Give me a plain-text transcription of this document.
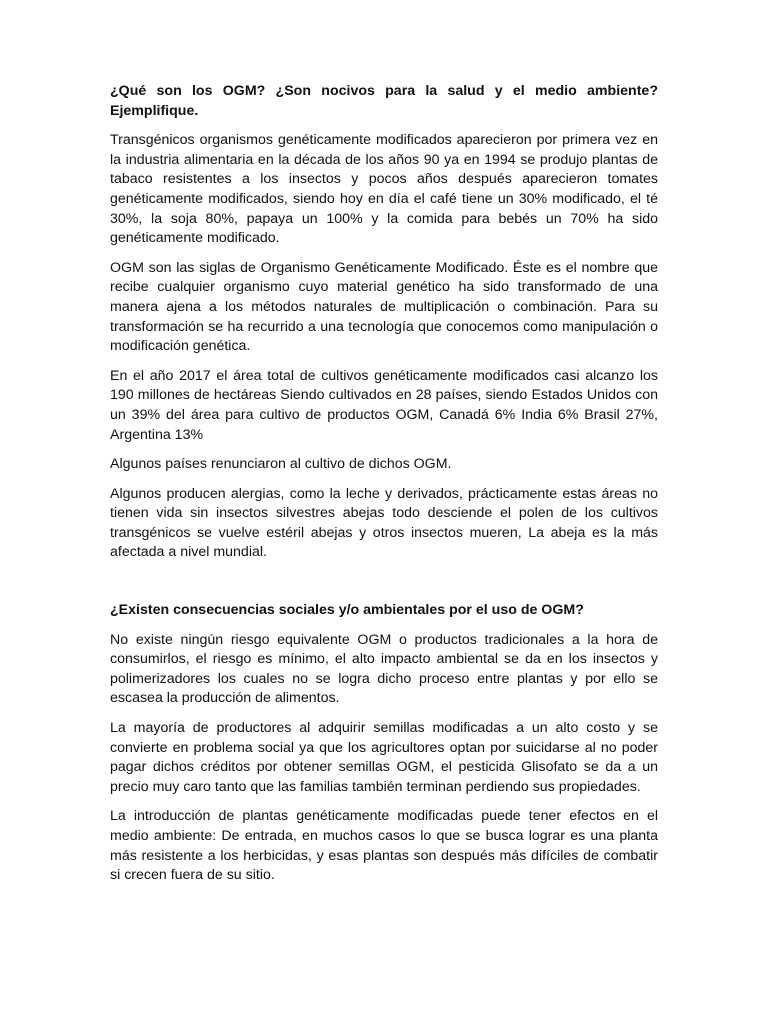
¿Qué son los OGM? ¿Son nocivos para la salud y el medio ambiente? Ejemplifique.

Transgénicos organismos genéticamente modificados aparecieron por primera vez en la industria alimentaria en la década de los años 90 ya en 1994 se produjo plantas de tabaco resistentes a los insectos y pocos años después aparecieron tomates genéticamente modificados, siendo hoy en día el café tiene un 30% modificado, el té 30%, la soja 80%, papaya un 100% y la comida para bebés un 70% ha sido genéticamente modificado.

OGM son las siglas de Organismo Genéticamente Modificado. Éste es el nombre que recibe cualquier organismo cuyo material genético ha sido transformado de una manera ajena a los métodos naturales de multiplicación o combinación. Para su transformación se ha recurrido a una tecnología que conocemos como manipulación o modificación genética.

En el año 2017 el área total de cultivos genéticamente modificados casi alcanzo los 190 millones de hectáreas Siendo cultivados en 28 países, siendo Estados Unidos con un 39% del área para cultivo de productos OGM, Canadá 6% India 6% Brasil 27%, Argentina 13%

Algunos países renunciaron al cultivo de dichos OGM.

Algunos producen alergias, como la leche y derivados, prácticamente estas áreas no tienen vida sin insectos silvestres abejas todo desciende el polen de los cultivos transgénicos se vuelve estéril abejas y otros insectos mueren, La abeja es la más afectada a nivel mundial.

¿Existen consecuencias sociales y/o ambientales por el uso de OGM?

No existe ningún riesgo equivalente OGM o productos tradicionales a la hora de consumirlos, el riesgo es mínimo, el alto impacto ambiental se da en los insectos y polimerizadores los cuales no se logra dicho proceso entre plantas y por ello se escasea la producción de alimentos.

La mayoría de productores al adquirir semillas modificadas a un alto costo y se convierte en problema social ya que los agricultores optan por suicidarse al no poder pagar dichos créditos por obtener semillas OGM, el pesticida Glisofato se da a un precio muy caro tanto que las familias también terminan perdiendo sus propiedades.

La introducción de plantas genéticamente modificadas puede tener efectos en el medio ambiente: De entrada, en muchos casos lo que se busca lograr es una planta más resistente a los herbicidas, y esas plantas son después más difíciles de combatir si crecen fuera de su sitio.
